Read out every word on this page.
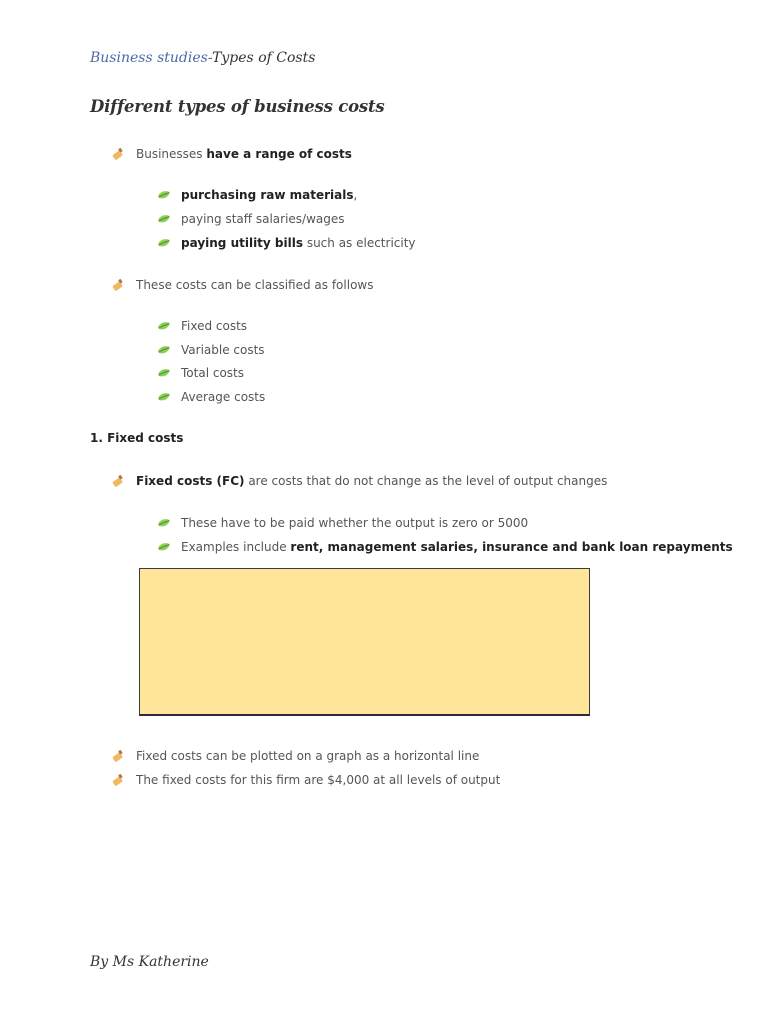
Business studies-Types of Costs
Different types of business costs
Businesses have a range of costs
purchasing raw materials,
paying staff salaries/wages
paying utility bills such as electricity
These costs can be classified as follows
Fixed costs
Variable costs
Total costs
Average costs
1. Fixed costs
Fixed costs (FC) are costs that do not change as the level of output changes
These have to be paid whether the output is zero or 5000
Examples include rent, management salaries, insurance and bank loan repayments
Fixed costs can be plotted on a graph as a horizontal line
The fixed costs for this firm are $4,000 at all levels of output
By Ms Katherine
